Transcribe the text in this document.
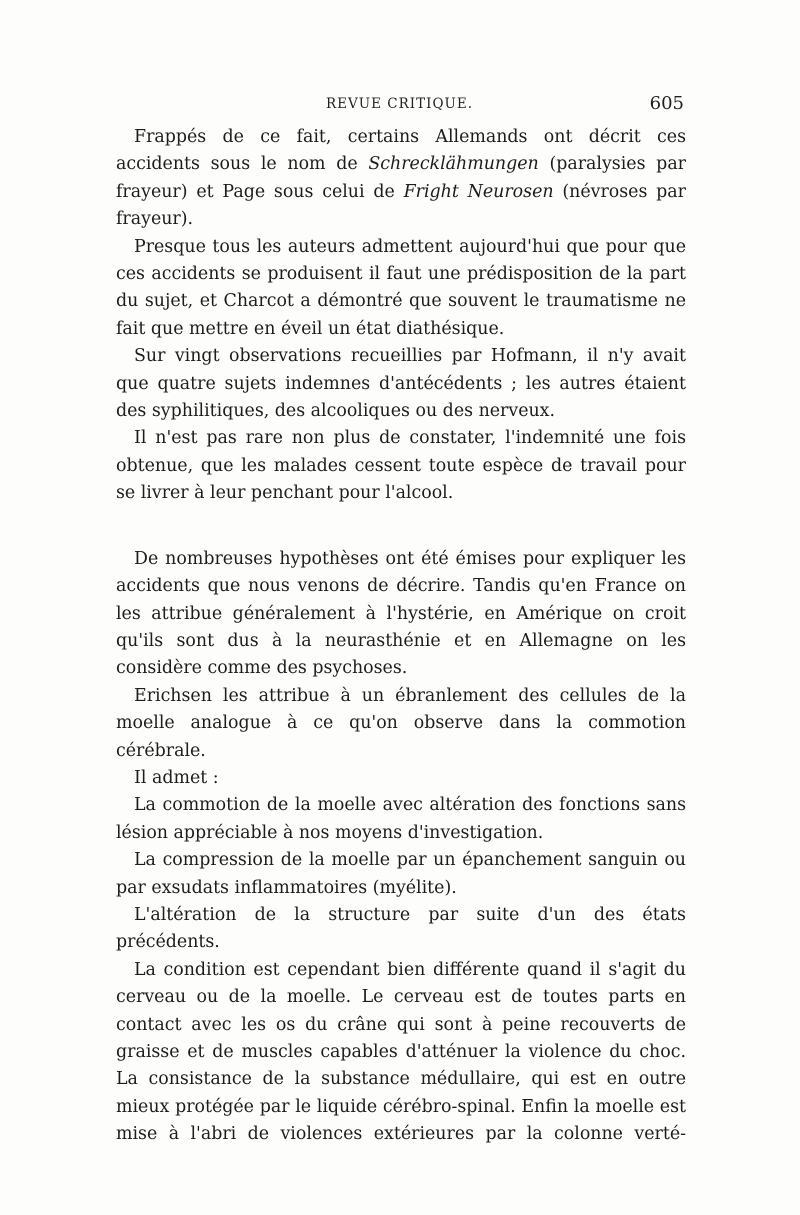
REVUE CRITIQUE.	605

Frappés de ce fait, certains Allemands ont décrit ces accidents sous le nom de Schrecklähmungen (paralysies par frayeur) et Page sous celui de Fright Neurosen (névroses par frayeur).

Presque tous les auteurs admettent aujourd'hui que pour que ces accidents se produisent il faut une prédisposition de la part du sujet, et Charcot a démontré que souvent le traumatisme ne fait que mettre en éveil un état diathésique.

Sur vingt observations recueillies par Hofmann, il n'y avait que quatre sujets indemnes d'antécédents ; les autres étaient des syphilitiques, des alcooliques ou des nerveux.

Il n'est pas rare non plus de constater, l'indemnité une fois obtenue, que les malades cessent toute espèce de travail pour se livrer à leur penchant pour l'alcool.

De nombreuses hypothèses ont été émises pour expliquer les accidents que nous venons de décrire. Tandis qu'en France on les attribue généralement à l'hystérie, en Amérique on croit qu'ils sont dus à la neurasthénie et en Allemagne on les considère comme des psychoses.

Erichsen les attribue à un ébranlement des cellules de la moelle analogue à ce qu'on observe dans la commotion cérébrale.

Il admet :

La commotion de la moelle avec altération des fonctions sans lésion appréciable à nos moyens d'investigation.

La compression de la moelle par un épanchement sanguin ou par exsudats inflammatoires (myélite).

L'altération de la structure par suite d'un des états précédents.

La condition est cependant bien différente quand il s'agit du cerveau ou de la moelle. Le cerveau est de toutes parts en contact avec les os du crâne qui sont à peine recouverts de graisse et de muscles capables d'atténuer la violence du choc. La consistance de la substance médullaire, qui est en outre mieux protégée par le liquide cérébro-spinal. Enfin la moelle est mise à l'abri de violences extérieures par la colonne verté-
